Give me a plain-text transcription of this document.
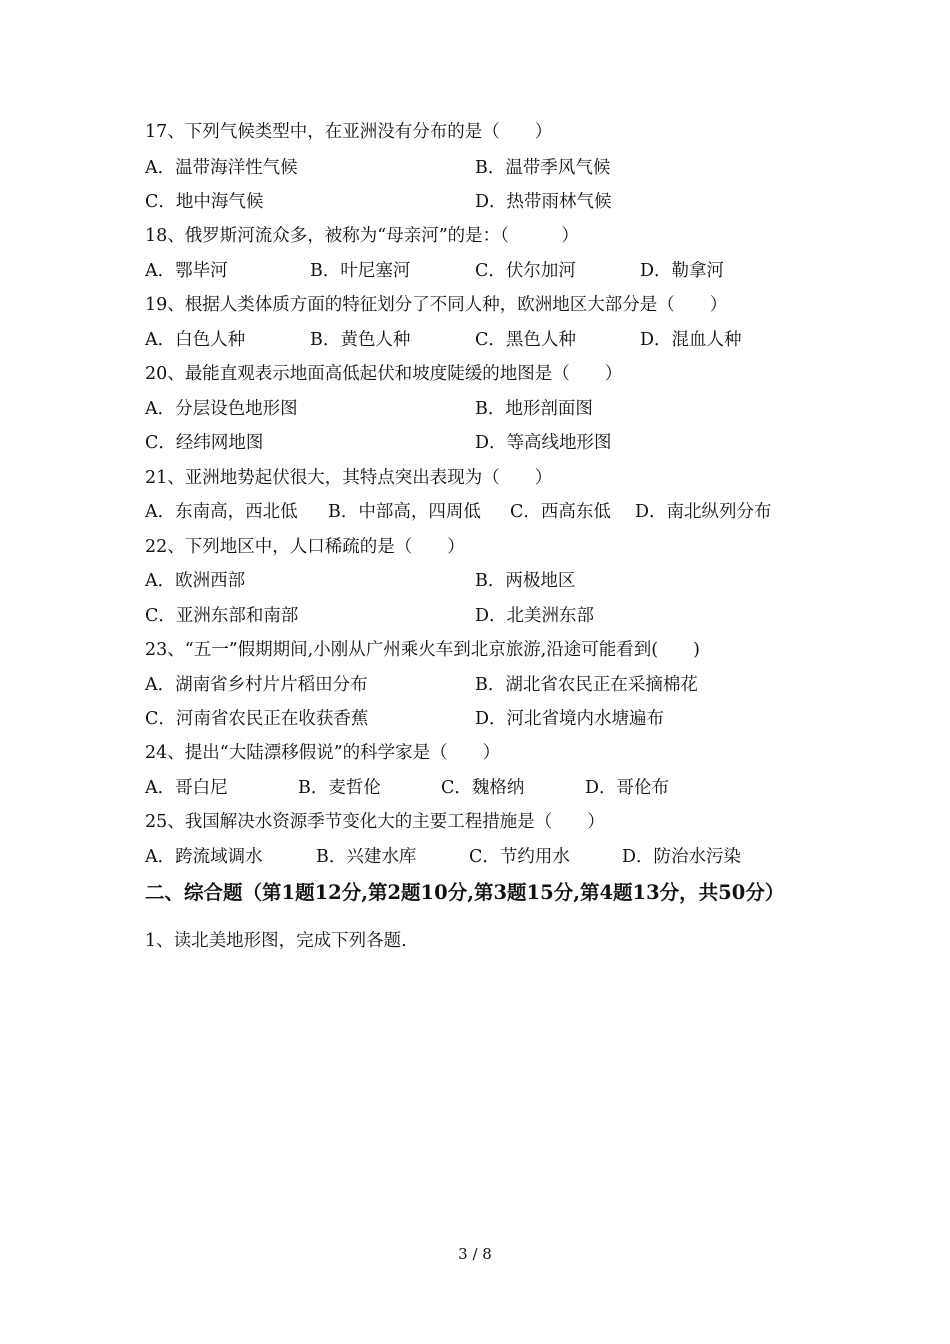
17、下列气候类型中，在亚洲没有分布的是（　　）
A．温带海洋性气候	B．温带季风气候
C．地中海气候	D．热带雨林气候
18、俄罗斯河流众多，被称为“母亲河”的是：（　　　）
A．鄂毕河	B．叶尼塞河	C．伏尔加河	D．勒拿河
19、根据人类体质方面的特征划分了不同人种，欧洲地区大部分是（　　）
A．白色人种	B．黄色人种	C．黑色人种	D．混血人种
20、最能直观表示地面高低起伏和坡度陡缓的地图是（　　）
A．分层设色地形图	B．地形剖面图
C．经纬网地图	D．等高线地形图
21、亚洲地势起伏很大，其特点突出表现为（　　）
A．东南高，西北低 B．中部高，四周低 C．西高东低 D．南北纵列分布
22、下列地区中，人口稀疏的是（　　）
A．欧洲西部	B．两极地区
C．亚洲东部和南部	D．北美洲东部
23、“五一”假期期间,小刚从广州乘火车到北京旅游,沿途可能看到(　　)
A．湖南省乡村片片稻田分布	B．湖北省农民正在采摘棉花
C．河南省农民正在收获香蕉	D．河北省境内水塘遍布
24、提出“大陆漂移假说”的科学家是（　　）
A．哥白尼	B．麦哲伦	C．魏格纳	D．哥伦布
25、我国解决水资源季节变化大的主要工程措施是（　　）
A．跨流域调水	B．兴建水库	C．节约用水	D．防治水污染
二、综合题（第1题12分,第2题10分,第3题15分,第4题13分，共50分）
1、读北美地形图，完成下列各题.
3 / 8
